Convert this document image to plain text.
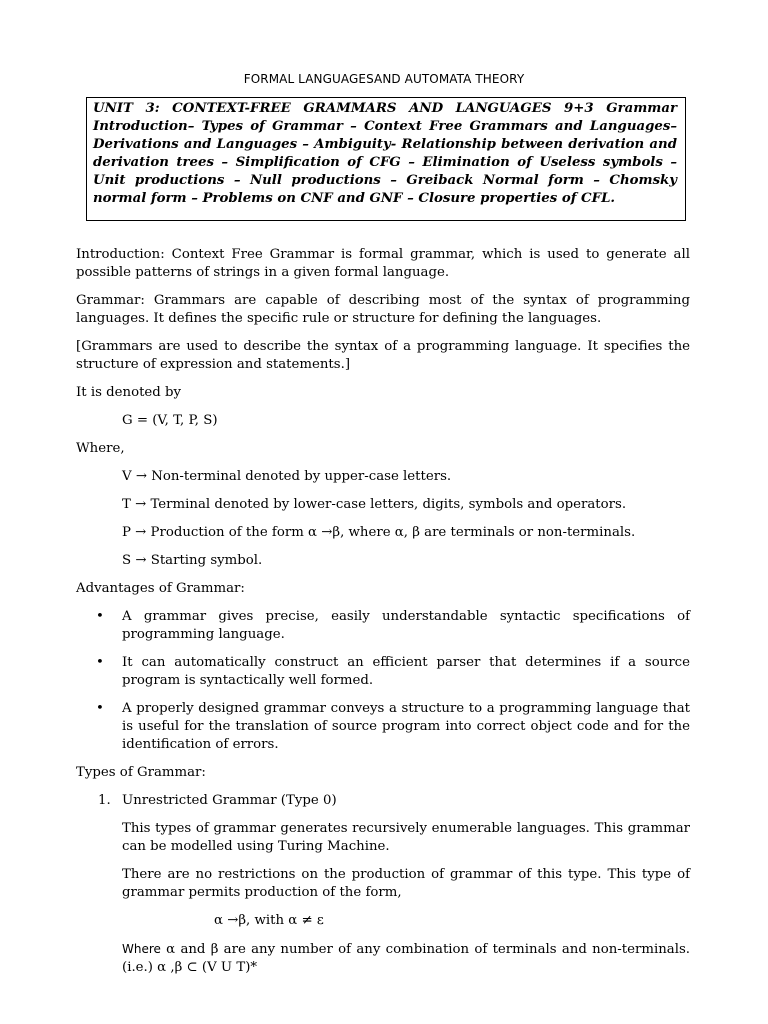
FORMAL LANGUAGESAND AUTOMATA THEORY
UNIT 3: CONTEXT-FREE GRAMMARS AND LANGUAGES 9+3 Grammar Introduction– Types of Grammar – Context Free Grammars and Languages– Derivations and Languages – Ambiguity- Relationship between derivation and derivation trees – Simplification of CFG – Elimination of Useless symbols – Unit productions – Null productions – Greiback Normal form – Chomsky normal form – Problems on CNF and GNF – Closure properties of CFL.

Introduction: Context Free Grammar is formal grammar, which is used to generate all possible patterns of strings in a given formal language.

Grammar: Grammars are capable of describing most of the syntax of programming languages. It defines the specific rule or structure for defining the languages.

[Grammars are used to describe the syntax of a programming language. It specifies the structure of expression and statements.]

It is denoted by

G = (V, T, P, S)

Where,

V → Non-terminal denoted by upper-case letters.

T → Terminal denoted by lower-case letters, digits, symbols and operators.

P → Production of the form α →β, where α, β are terminals or non-terminals.

S → Starting symbol.

Advantages of Grammar:

• A grammar gives precise, easily understandable syntactic specifications of programming language.
• It can automatically construct an efficient parser that determines if a source program is syntactically well formed.
• A properly designed grammar conveys a structure to a programming language that is useful for the translation of source program into correct object code and for the identification of errors.

Types of Grammar:

1. Unrestricted Grammar (Type 0)

This types of grammar generates recursively enumerable languages. This grammar can be modelled using Turing Machine.

There are no restrictions on the production of grammar of this type. This type of grammar permits production of the form,

α →β, with α ≠ ε

Where α and β are any number of any combination of terminals and non-terminals. (i.e.) α ,β ⊂ (V U T)*
